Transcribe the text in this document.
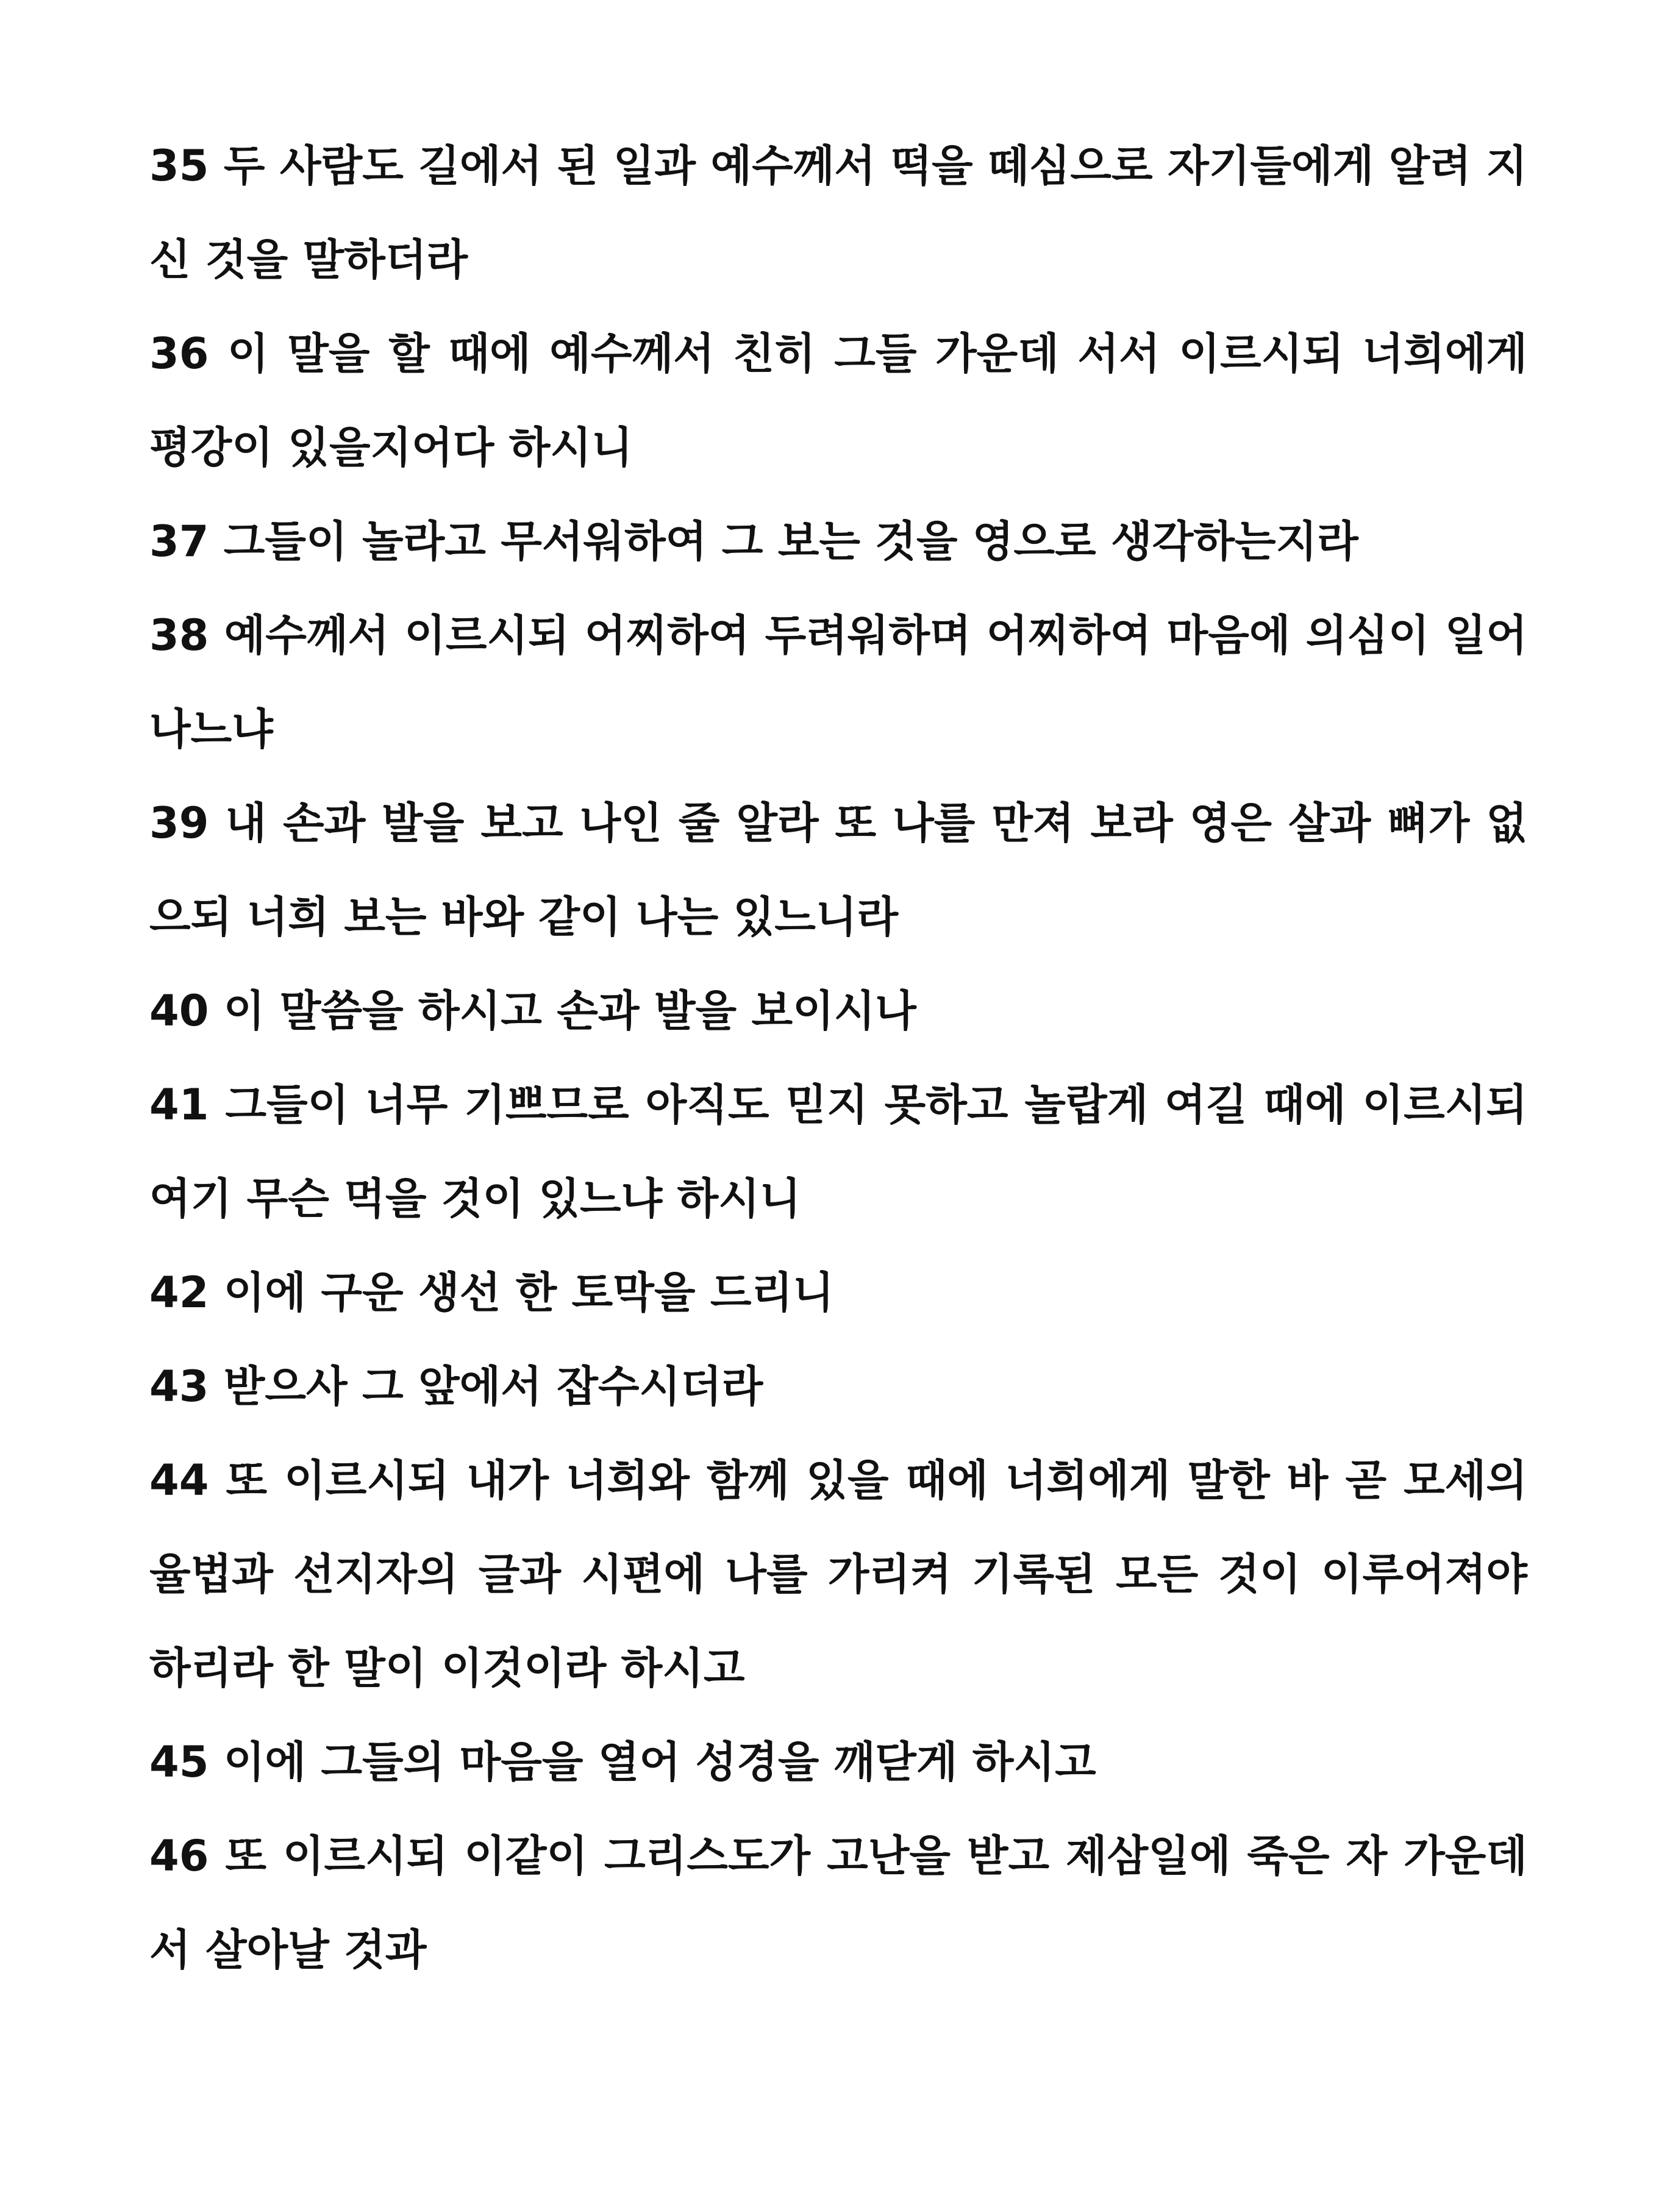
35 두 사람도 길에서 된 일과 예수께서 떡을 떼심으로 자기들에게 알려 지신 것을 말하더라

36 이 말을 할 때에 예수께서 친히 그들 가운데 서서 이르시되 너희에게 평강이 있을지어다 하시니

37 그들이 놀라고 무서워하여 그 보는 것을 영으로 생각하는지라

38 예수께서 이르시되 어찌하여 두려워하며 어찌하여 마음에 의심이 일어나느냐

39 내 손과 발을 보고 나인 줄 알라 또 나를 만져 보라 영은 살과 뼈가 없으되 너희 보는 바와 같이 나는 있느니라

40 이 말씀을 하시고 손과 발을 보이시나

41 그들이 너무 기쁘므로 아직도 믿지 못하고 놀랍게 여길 때에 이르시되 여기 무슨 먹을 것이 있느냐 하시니

42 이에 구운 생선 한 토막을 드리니

43 받으사 그 앞에서 잡수시더라

44 또 이르시되 내가 너희와 함께 있을 때에 너희에게 말한 바 곧 모세의 율법과 선지자의 글과 시편에 나를 가리켜 기록된 모든 것이 이루어져야 하리라 한 말이 이것이라 하시고

45 이에 그들의 마음을 열어 성경을 깨닫게 하시고

46 또 이르시되 이같이 그리스도가 고난을 받고 제삼일에 죽은 자 가운데서 살아날 것과
